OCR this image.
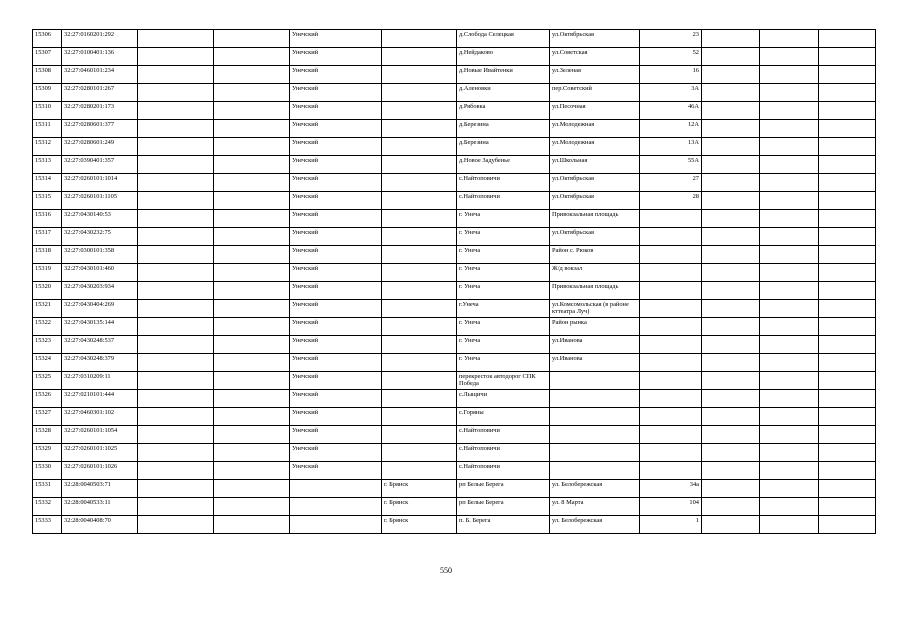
15306	32:27:0160201:292			Унечский		д.Слобода Селецкая	ул.Октябрьская	23			
15307	32:27:0100401:136			Унечский		д.Нейдаково	ул.Советская	52			
15308	32:27:0460101:234			Унечский		д.Новые Ивайтенки	ул.Зеленая	16			
15309	32:27:0280101:267			Унечский		д.Аленовки	пер.Советский	3А			
15310	32:27:0280201:173			Унечский		д.Рябовка	ул.Песочная	46А			
15311	32:27:0280601:377			Унечский		д.Березина	ул.Молодежная	12А			
15312	32:27:0280601:249			Унечский		д.Березина	ул.Молодежная	13А			
15313	32:27:0390401:357			Унечский		д.Новое Задубенье	ул.Школьная	55А			
15314	32:27:0260101:1014			Унечский		с.Найтоповичи	ул.Октябрьская	27			
15315	32:27:0260101:1105			Унечский		с.Найтоповичи	ул.Октябрьская	28			
15316	32:27:0430140:53			Унечский		г. Унеча	Привокзальная площадь				
15317	32:27:0430232:75			Унечский		г. Унеча	ул.Октябрьская				
15318	32:27:0300101:358			Унечский		г. Унеча	Район с. Рюков				
15319	32:27:0430101:460			Унечский		г. Унеча	Ж/д вокзал				
15320	32:27:0430203:934			Унечский		г. Унеча	Привокзальная площадь				
15321	32:27:0430404:269			Унечский		г.Унеча	ул.Комсомольская (в районе кттеатра Луч)				
15322	32:27:0430135:144			Унечский		г. Унеча	Район рынка				
15323	32:27:0430248:537			Унечский		г. Унеча	ул.Иванова				
15324	32:27:0430248:379			Унечский		г. Унеча	ул.Иванова				
15325	32:27:0310209:11			Унечский		перекресток автодорог СПК Победа					
15326	32:27:0210101:444			Унечский		с.Лыщичи					
15327	32:27:0460301:102			Унечский		с.Горяны					
15328	32:27:0260101:1054			Унечский		с.Найтоповичи					
15329	32:27:0260101:1025			Унечский		с.Найтоповичи					
15330	32:27:0260101:1026			Унечский		с.Найтоповичи					
15331	32:28:0040503:71				г. Брянск	рп Белые Берега	ул. Белобережская	34а			
15332	32:28:0040533:11				г. Брянск	рп Белые Берега	ул. 8 Марта	104			
15333	32:28:0040408:70				г. Брянск	п. Б. Берега	ул. Белобережская	1			
550
